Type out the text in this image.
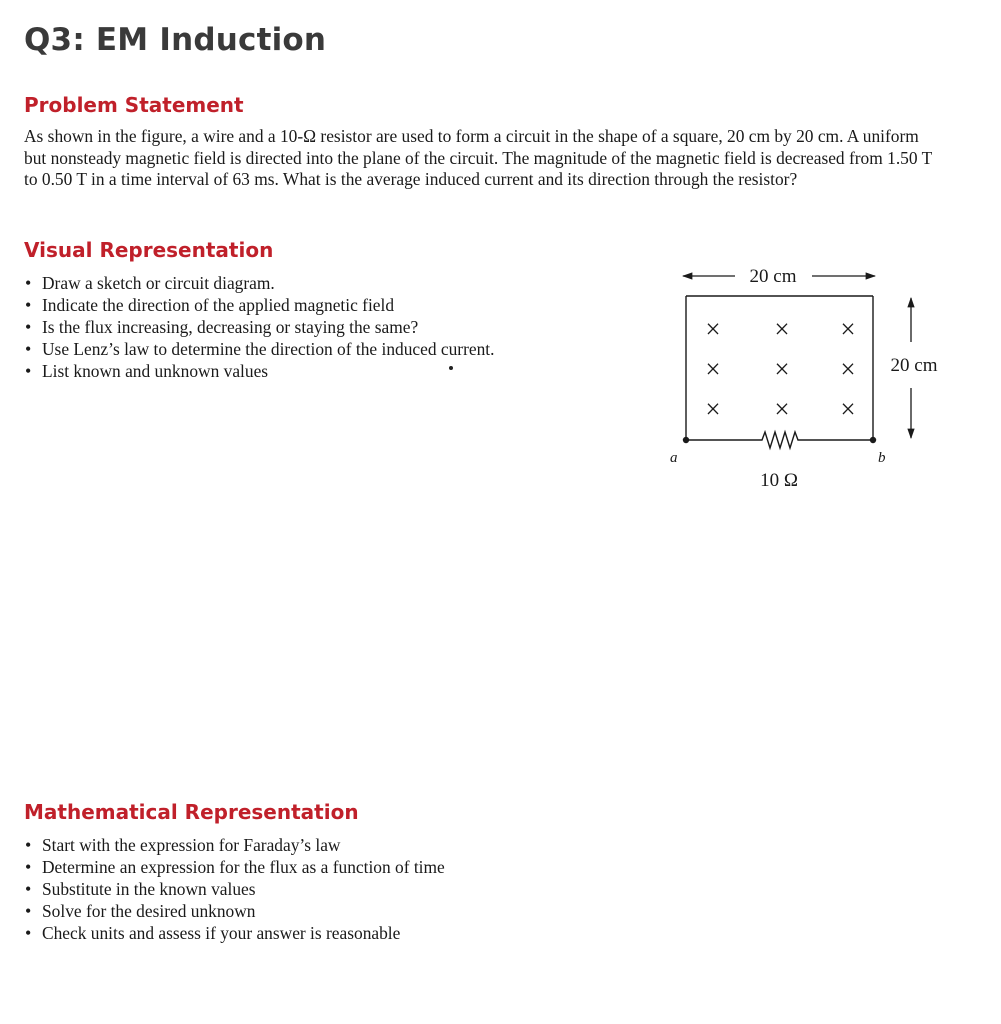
Q3: EM Induction
Problem Statement

As shown in the figure, a wire and a 10-Ω resistor are used to form a circuit in the shape of a square, 20 cm by 20 cm. A uniform but nonsteady magnetic field is directed into the plane of the circuit. The magnitude of the magnetic field is decreased from 1.50 T to 0.50 T in a time interval of 63 ms. What is the average induced current and its direction through the resistor?

Visual Representation
• Draw a sketch or circuit diagram.
• Indicate the direction of the applied magnetic field
• Is the flux increasing, decreasing or staying the same?
• Use Lenz’s law to determine the direction of the induced current.
• List known and unknown values
20 cm
× × ×
× × ×
× × ×
a	b
10 Ω
20 cm
Mathematical Representation
• Start with the expression for Faraday’s law
• Determine an expression for the flux as a function of time
• Substitute in the known values
• Solve for the desired unknown
• Check units and assess if your answer is reasonable
